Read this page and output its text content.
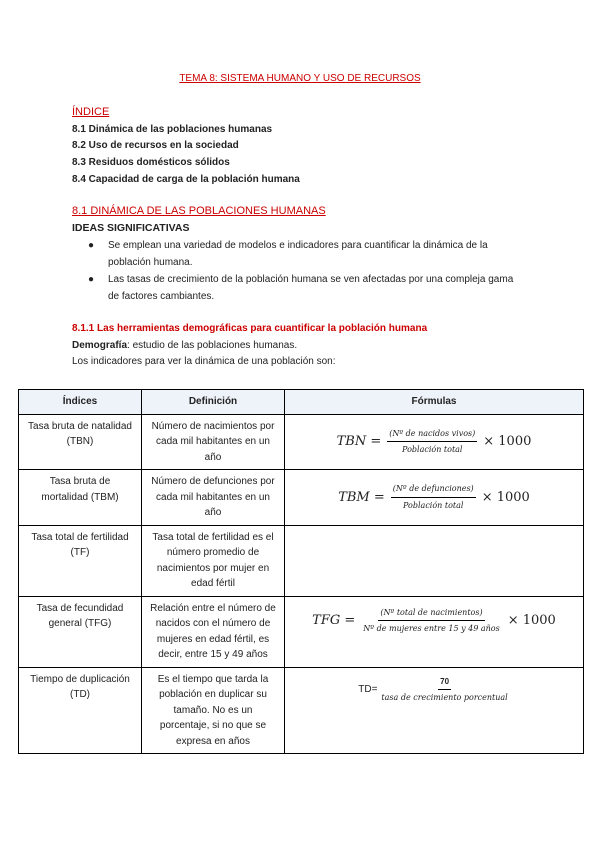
TEMA 8: SISTEMA HUMANO Y USO DE RECURSOS
ÍNDICE
8.1 Dinámica de las poblaciones humanas
8.2 Uso de recursos en la sociedad
8.3 Residuos domésticos sólidos
8.4 Capacidad de carga de la población humana
8.1 DINÁMICA DE LAS POBLACIONES HUMANAS
IDEAS SIGNIFICATIVAS
● Se emplean una variedad de modelos e indicadores para cuantificar la dinámica de la población humana.
● Las tasas de crecimiento de la población humana se ven afectadas por una compleja gama de factores cambiantes.
8.1.1 Las herramientas demográficas para cuantificar la población humana
Demografía: estudio de las poblaciones humanas.
Los indicadores para ver la dinámica de una población son:
Índices	Definición	Fórmulas
Tasa bruta de natalidad (TBN)	Número de nacimientos por cada mil habitantes en un año	TBN = $\frac{\text{(Nº de nacidos vivos)}}{\text{Población total}} \times 1000$

Tasa bruta de mortalidad (TBM)	Número de defunciones por cada mil habitantes en un año	TBM = $\frac{\text{(Nº de defunciones)}}{\text{Población total}} \times 1000$

Tasa total de fertilidad (TF)	Tasa total de fertilidad es el número promedio de nacimientos por mujer en edad fértil	
Tasa de fecundidad general (TFG)	Relación entre el número de nacidos con el número de mujeres en edad fértil, es decir, entre 15 y 49 años	TFG = $\frac{\text{(Nº total de nacimientos)}}{\text{Nº de mujeres entre 15 y 49 años}} \times 1000$

Tiempo de duplicación (TD)	Es el tiempo que tarda la población en duplicar su tamaño. No es un porcentaje, si no que se expresa en años	$TD= \frac{70}{\text{tasa de crecimiento porcentual}}$
